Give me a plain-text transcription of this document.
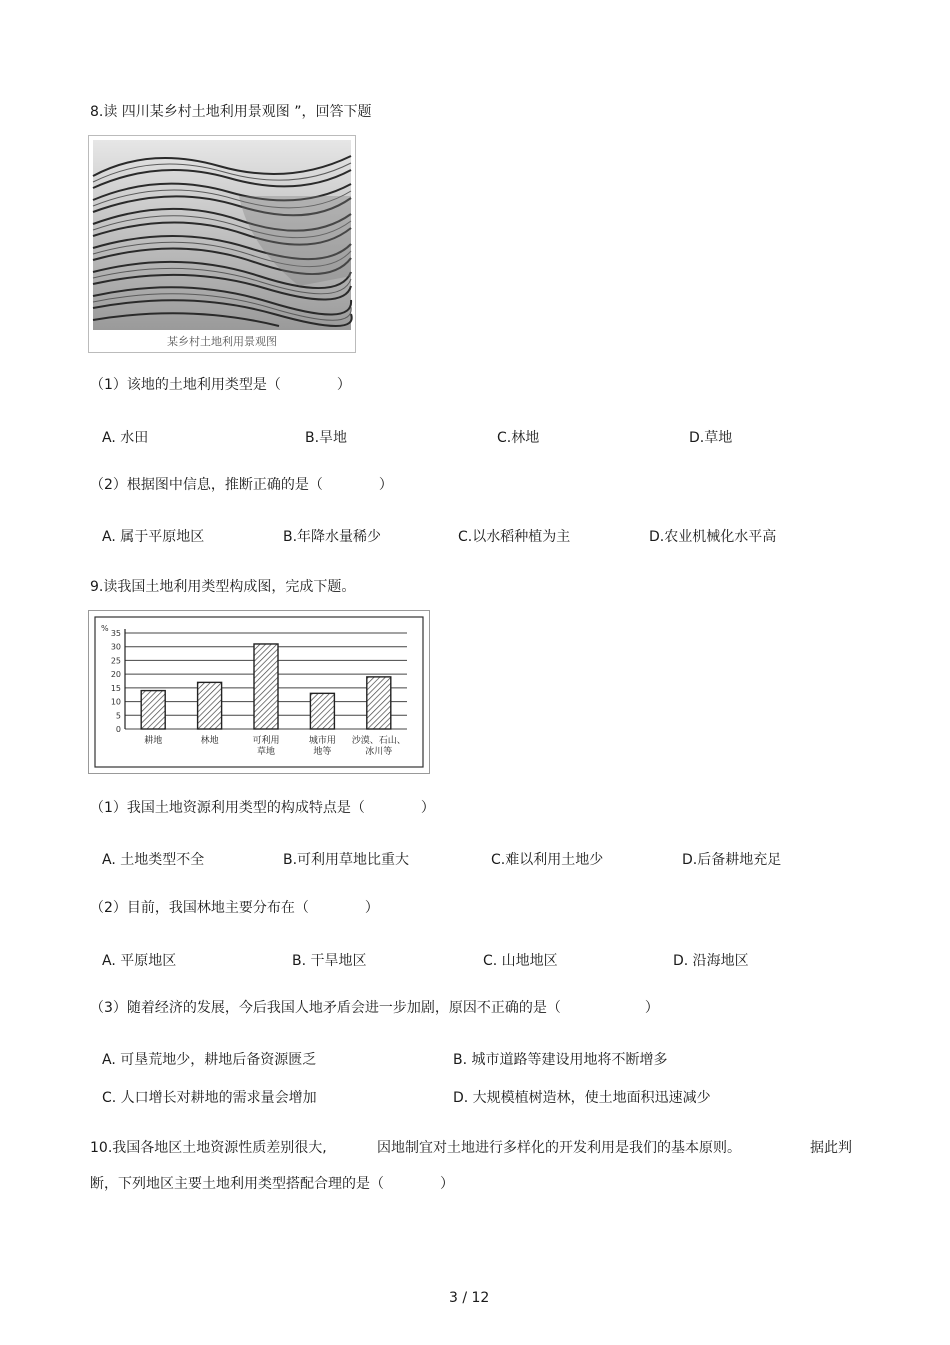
8.读 四川某乡村土地利用景观图 ”，回答下题
某乡村土地利用景观图
（1）该地的土地利用类型是（　　　　）
A. 水田	B.旱地	C.林地	D.草地
（2）根据图中信息，推断正确的是（　　　　）
A. 属于平原地区	B.年降水量稀少	C.以水稻种植为主	D.农业机械化水平高
9.读我国土地利用类型构成图，完成下题。
%
0
5
10
15
20
25
30
35
耕地	林地	可利用
草地
城市用
地等
沙漠、石山、
冰川等
（1）我国土地资源利用类型的构成特点是（　　　　）
A. 土地类型不全	B.可利用草地比重大	C.难以利用土地少	D.后备耕地充足
（2）目前，我国林地主要分布在（　　　　）
A. 平原地区	B. 干旱地区	C. 山地地区	D. 沿海地区
（3）随着经济的发展，今后我国人地矛盾会进一步加剧，原因不正确的是（　　　　　　）
A. 可垦荒地少，耕地后备资源匮乏	B. 城市道路等建设用地将不断增多
C. 人口增长对耕地的需求量会增加	D. 大规模植树造林，使土地面积迅速减少
10.我国各地区土地资源性质差别很大,	因地制宜对土地进行多样化的开发利用是我们的基本原则。	据此判
断，下列地区主要土地利用类型搭配合理的是（　　　　）
3 / 12
